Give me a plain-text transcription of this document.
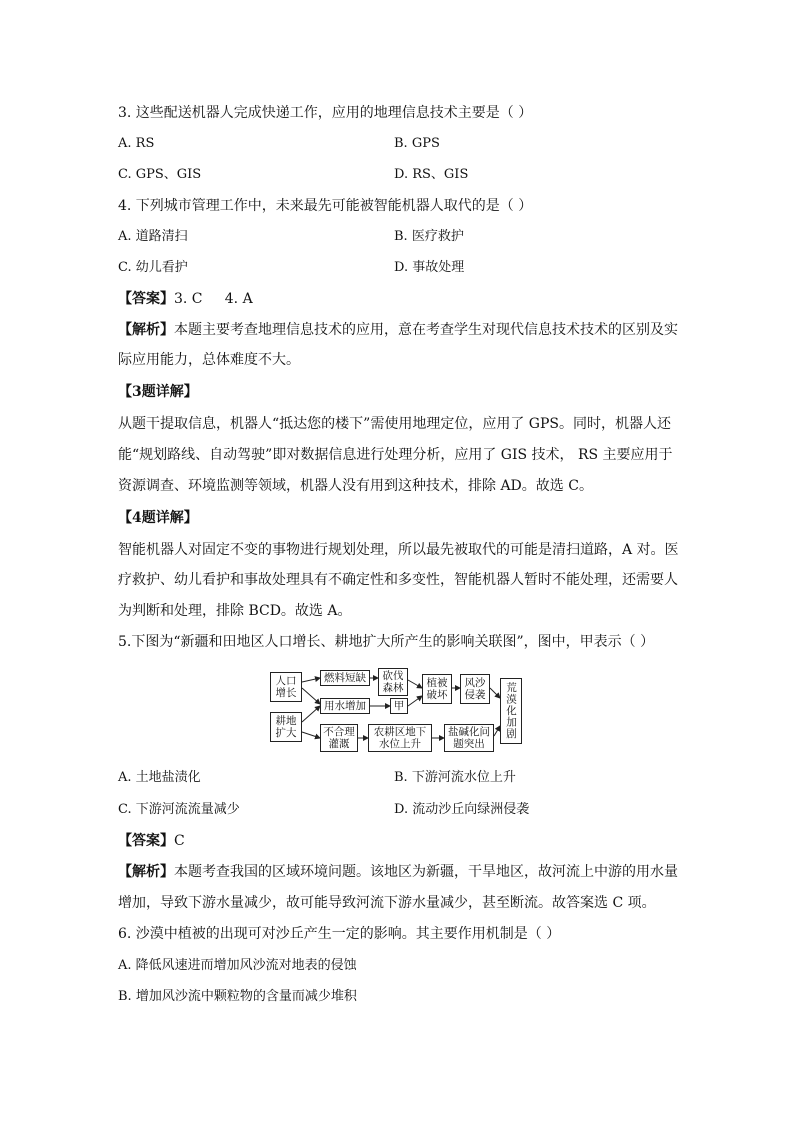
3. 这些配送机器人完成快递工作，应用的地理信息技术主要是（ ）
A. RS	B. GPS
C. GPS、GIS	D. RS、GIS
4. 下列城市管理工作中，未来最先可能被智能机器人取代的是（ ）
A. 道路清扫	B. 医疗救护
C. 幼儿看护	D. 事故处理
【答案】3. C     4. A
【解析】本题主要考查地理信息技术的应用，意在考查学生对现代信息技术技术的区别及实
际应用能力，总体难度不大。
【3题详解】
从题干提取信息，机器人“抵达您的楼下”需使用地理定位，应用了 GPS。同时，机器人还
能“规划路线、自动驾驶”即对数据信息进行处理分析，应用了 GIS 技术， RS 主要应用于
资源调查、环境监测等领域，机器人没有用到这种技术，排除 AD。故选 C。
【4题详解】
智能机器人对固定不变的事物进行规划处理，所以最先被取代的可能是清扫道路，A 对。医
疗救护、幼儿看护和事故处理具有不确定性和多变性，智能机器人暂时不能处理，还需要人
为判断和处理，排除 BCD。故选 A。
5.下图为“新疆和田地区人口增长、耕地扩大所产生的影响关联图”，图中，甲表示（ ）
人口增长
耕地扩大
燃料短缺	砍伐森林
用水增加	甲
植被破坏
风沙侵袭
不合理灌溉
农耕区地下水位上升
盐碱化问题突出
荒漠化加剧
A. 土地盐渍化	B. 下游河流水位上升
C. 下游河流流量减少	D. 流动沙丘向绿洲侵袭
【答案】C
【解析】本题考查我国的区域环境问题。该地区为新疆，干旱地区，故河流上中游的用水量
增加，导致下游水量减少，故可能导致河流下游水量减少，甚至断流。故答案选 C 项。
6. 沙漠中植被的出现可对沙丘产生一定的影响。其主要作用机制是（ ）
A. 降低风速进而增加风沙流对地表的侵蚀
B. 增加风沙流中颗粒物的含量而减少堆积
